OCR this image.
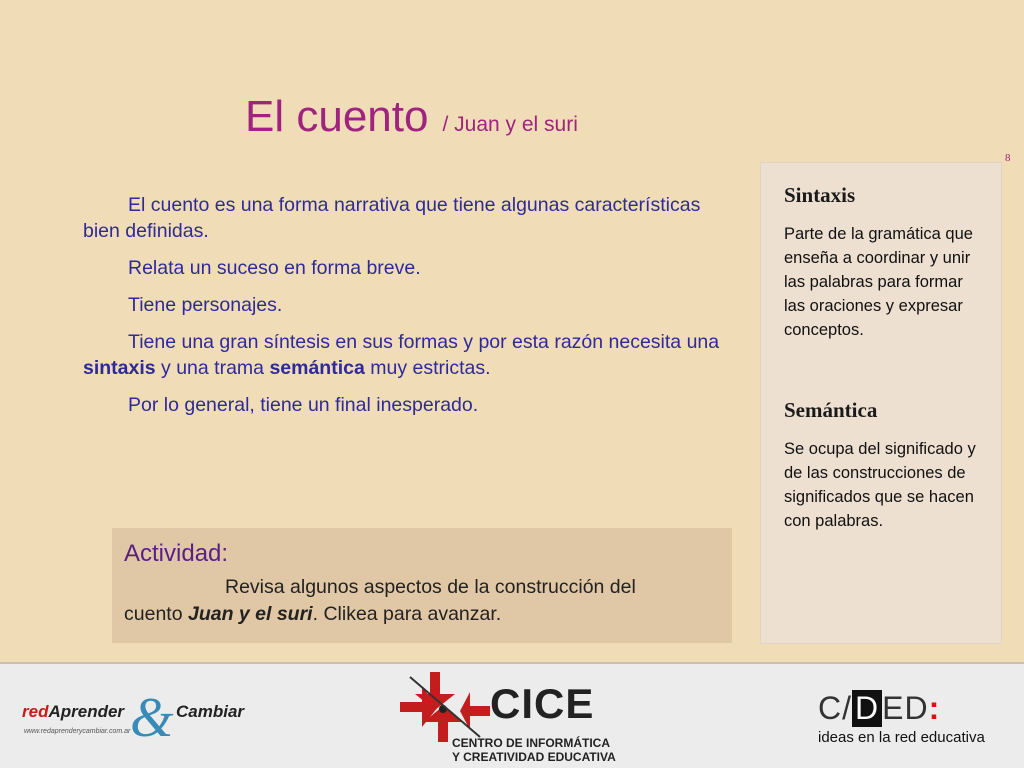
El cuento / Juan y el suri
8

El cuento es una forma narrativa que tiene algunas características bien definidas.

Relata un suceso en forma breve.

Tiene personajes.

Tiene una gran síntesis en sus formas y por esta razón necesita una sintaxis y una trama semántica muy estrictas.

Por lo general, tiene un final inesperado.

Sintaxis

Parte de la gramática que enseña a coordinar y unir las palabras para formar las oraciones y expresar conceptos.

Semántica

Se ocupa del significado y de las construcciones de significados que se hacen con palabras.

Actividad:

Revisa algunos aspectos de la construcción del cuento Juan y el suri. Clikea para avanzar.

redAprender & Cambiar
www.redaprenderycambiar.com.ar
CICE
CENTRO DE INFORMÁTICA
Y CREATIVIDAD EDUCATIVA
C/DED:
ideas en la red educativa
